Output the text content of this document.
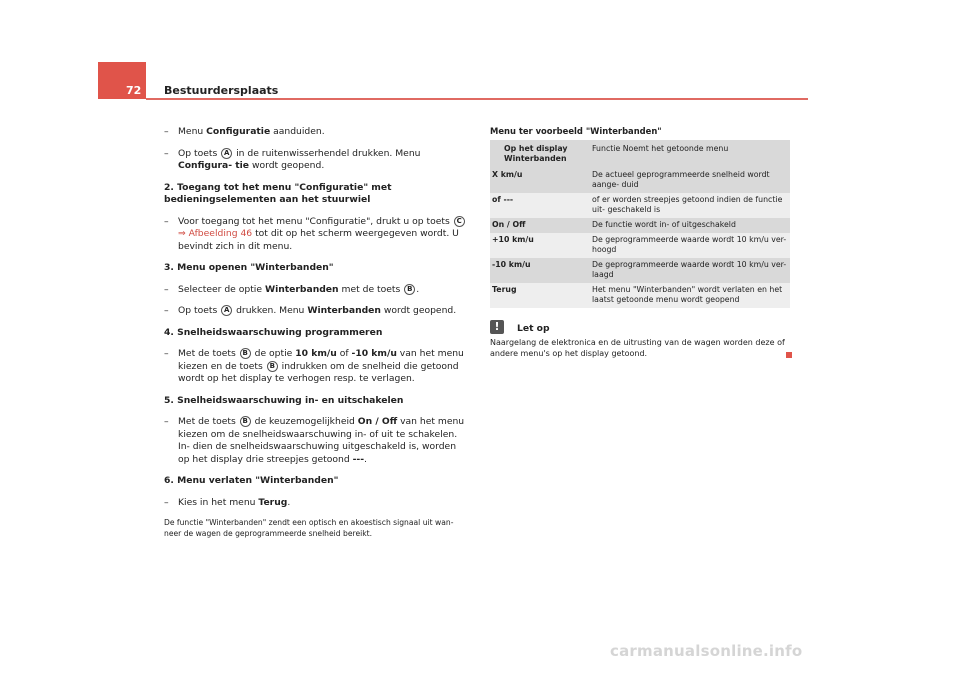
72 Bestuurdersplaats

– Menu Configuratie aanduiden.

– Op toets A in de ruitenwisserhendel drukken. Menu Configura- tie wordt geopend.

2. Toegang tot het menu "Configuratie" met bedieningselementen aan het stuurwiel

– Voor toegang tot het menu "Configuratie", drukt u op toets C
⇒ Afbeelding 46 tot dit op het scherm weergegeven wordt. U bevindt zich in dit menu.

3. Menu openen "Winterbanden"

– Selecteer de optie Winterbanden met de toets B .

– Op toets A drukken. Menu Winterbanden wordt geopend.

4. Snelheidswaarschuwing programmeren

– Met de toets B de optie 10 km/u of -10 km/u van het menu kiezen en de toets B indrukken om de snelheid die getoond wordt op het display te verhogen resp. te verlagen.

5. Snelheidswaarschuwing in- en uitschakelen

– Met de toets B de keuzemogelijkheid On / Off van het menu kiezen om de snelheidswaarschuwing in- of uit te schakelen. In- dien de snelheidswaarschuwing uitgeschakeld is, worden op het display drie streepjes getoond ---.

6. Menu verlaten "Winterbanden"

– Kies in het menu Terug.

De functie "Winterbanden" zendt een optisch en akoestisch signaal uit wan- neer de wagen de geprogrammeerde snelheid bereikt.

Menu ter voorbeeld "Winterbanden"
Op het display Winterbanden	Functie Noemt het getoonde menu
X km/u	De actueel geprogrammeerde snelheid wordt aange- duid
of ---	of er worden streepjes getoond indien de functie uit- geschakeld is
On / Off	De functie wordt in- of uitgeschakeld
+10 km/u	De geprogrammeerde waarde wordt 10 km/u ver- hoogd
-10 km/u	De geprogrammeerde waarde wordt 10 km/u ver- laagd
Terug	Het menu "Winterbanden" wordt verlaten en het laatst getoonde menu wordt geopend
!	Let op
Naargelang de elektronica en de uitrusting van de wagen worden deze of andere menu's op het display getoond.
carmanualsonline.info
